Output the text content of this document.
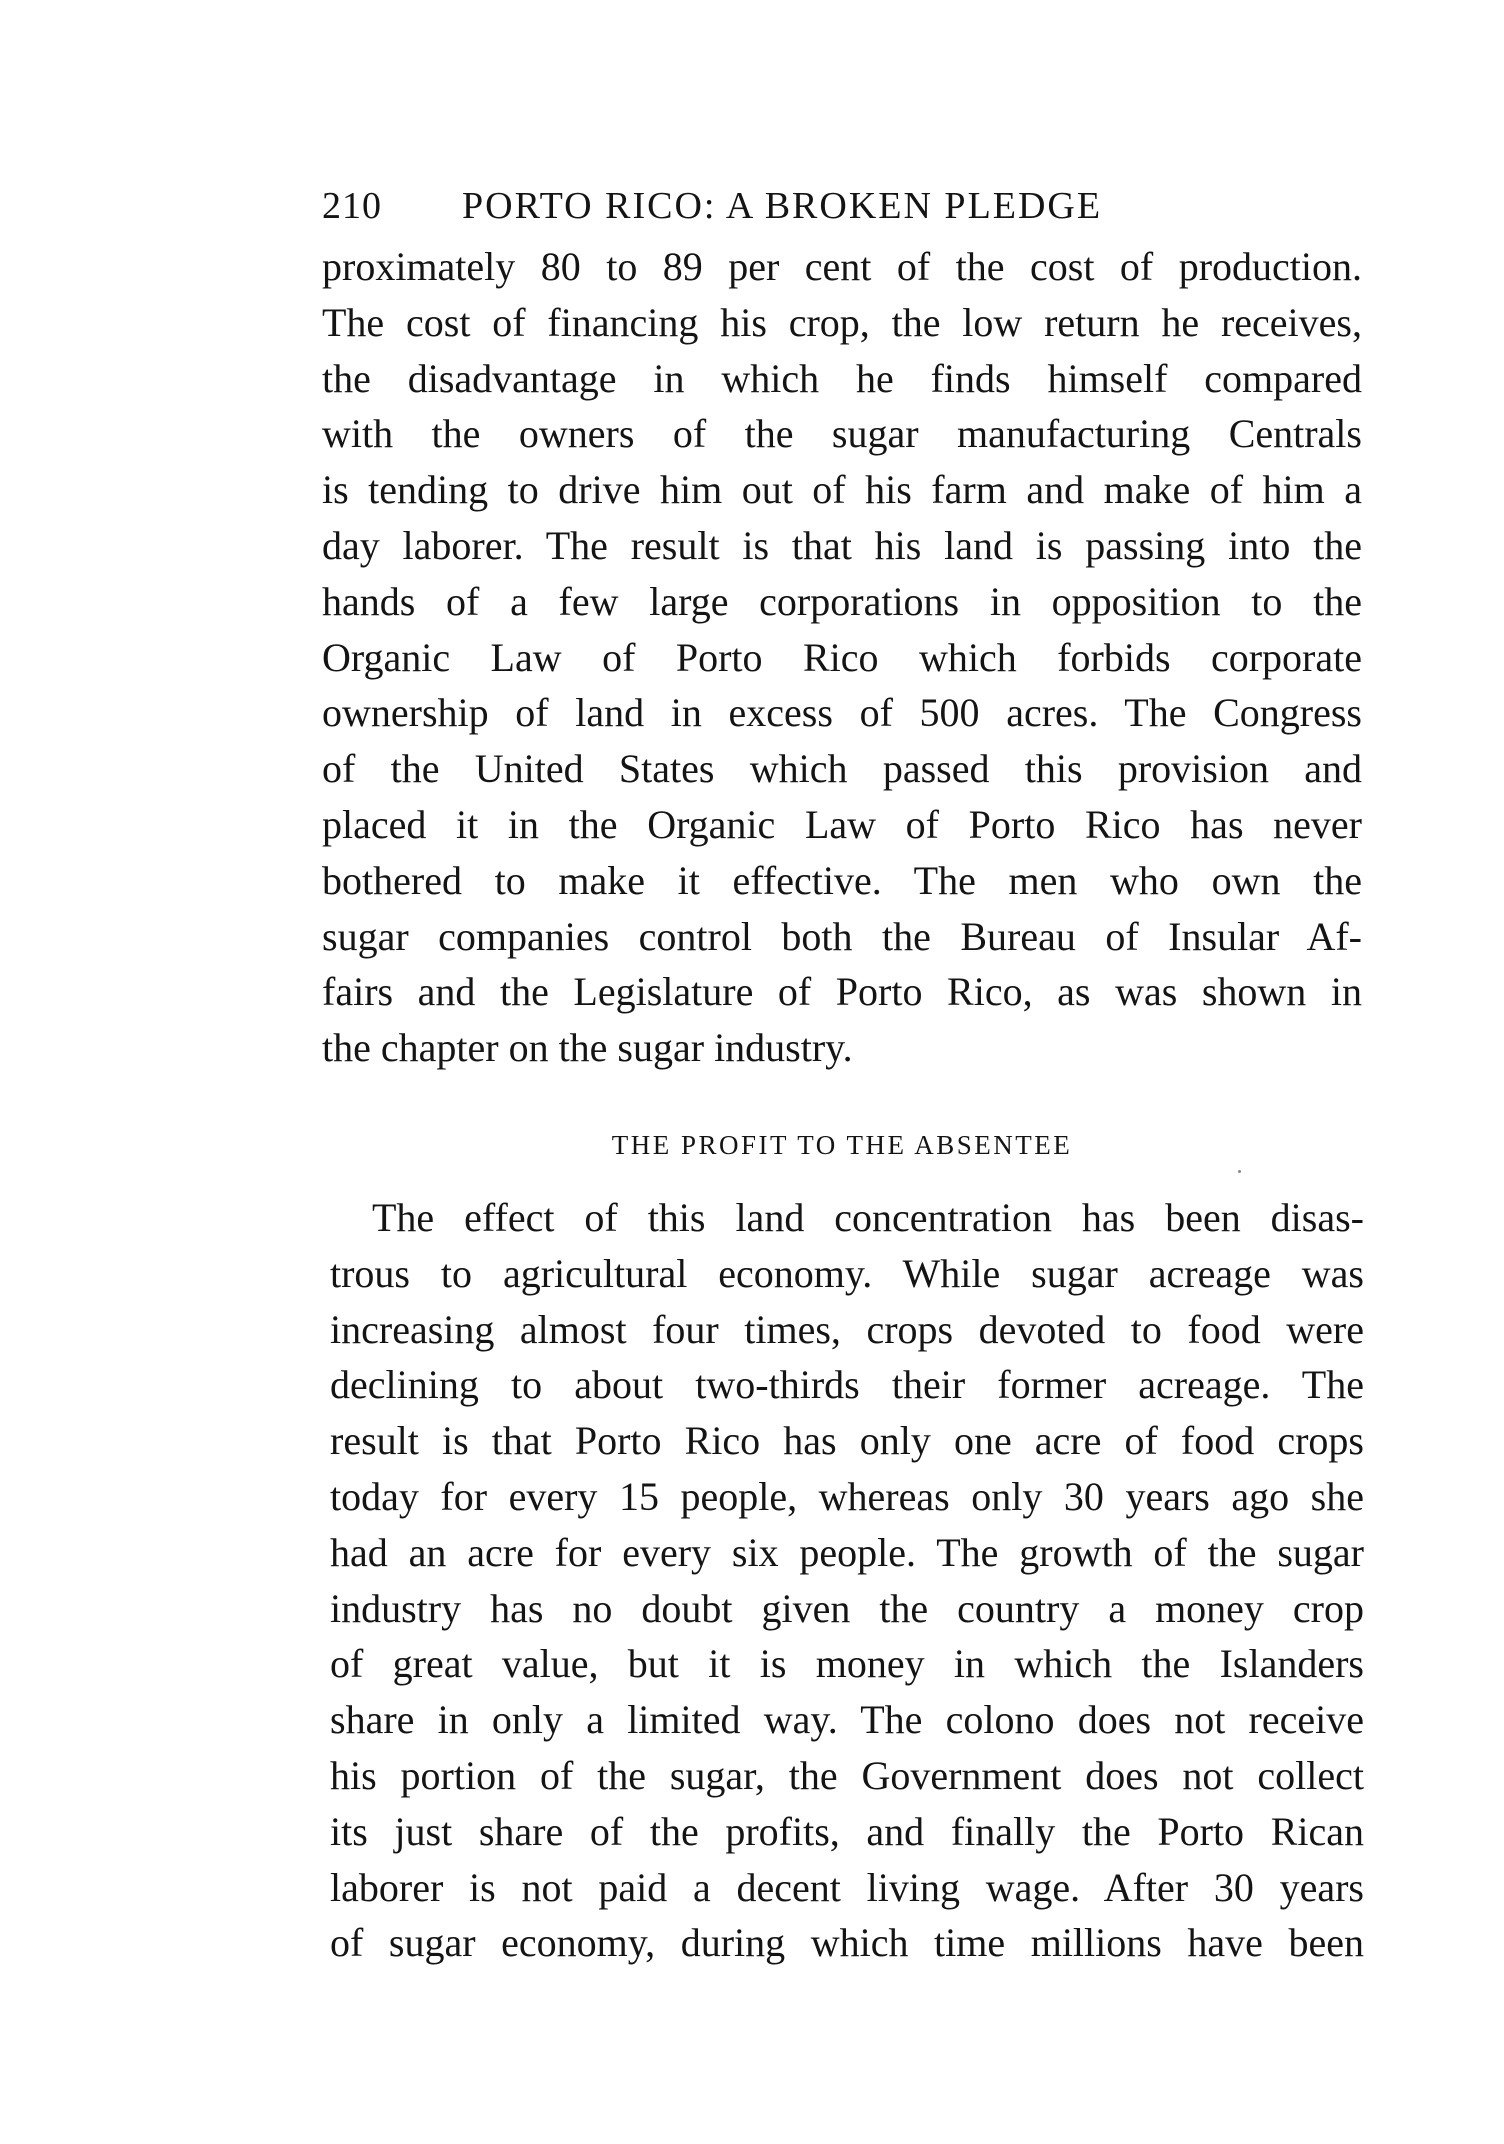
210 PORTO RICO: A BROKEN PLEDGE
proximately 80 to 89 per cent of the cost of production.
The cost of financing his crop, the low return he receives,
the disadvantage in which he finds himself compared
with the owners of the sugar manufacturing Centrals
is tending to drive him out of his farm and make of him a
day laborer. The result is that his land is passing into the
hands of a few large corporations in opposition to the
Organic Law of Porto Rico which forbids corporate
ownership of land in excess of 500 acres. The Congress
of the United States which passed this provision and
placed it in the Organic Law of Porto Rico has never
bothered to make it effective. The men who own the
sugar companies control both the Bureau of Insular Af-
fairs and the Legislature of Porto Rico, as was shown in
the chapter on the sugar industry.
THE PROFIT TO THE ABSENTEE
The effect of this land concentration has been disas-
trous to agricultural economy. While sugar acreage was
increasing almost four times, crops devoted to food were
declining to about two-thirds their former acreage. The
result is that Porto Rico has only one acre of food crops
today for every 15 people, whereas only 30 years ago she
had an acre for every six people. The growth of the sugar
industry has no doubt given the country a money crop
of great value, but it is money in which the Islanders
share in only a limited way. The colono does not receive
his portion of the sugar, the Government does not collect
its just share of the profits, and finally the Porto Rican
laborer is not paid a decent living wage. After 30 years
of sugar economy, during which time millions have been
